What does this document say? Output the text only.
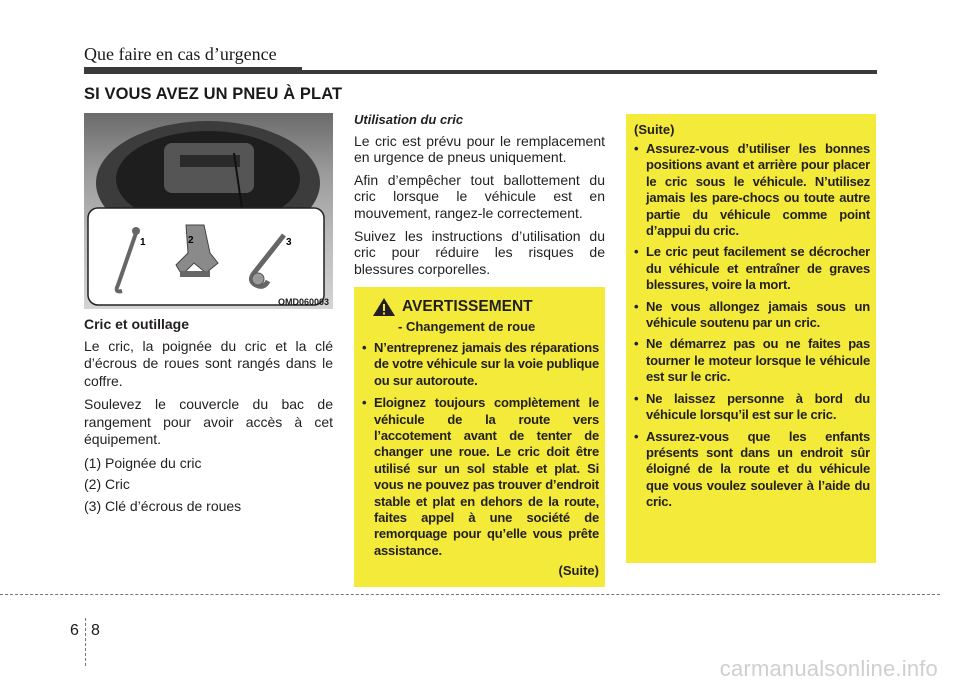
Que faire en cas d’urgence
SI VOUS AVEZ UN PNEU À PLAT
1	2	3
OMD060003

Cric et outillage

Le cric, la poignée du cric et la clé d’écrous de roues sont rangés dans le coffre.

Soulevez le couvercle du bac de rangement pour avoir accès à cet équipement.

(1) Poignée du cric

(2) Cric

(3) Clé d’écrous de roues

Utilisation du cric

Le cric est prévu pour le remplacement en urgence de pneus uniquement.

Afin d’empêcher tout ballottement du cric lorsque le véhicule est en mouvement, rangez-le correctement.

Suivez les instructions d’utilisation du cric pour réduire les risques de blessures corporelles.

AVERTISSEMENT
- Changement de roue
• N’entreprenez jamais des réparations de votre véhicule sur la voie publique ou sur autoroute.
• Eloignez toujours complètement le véhicule de la route vers l’accotement avant de tenter de changer une roue. Le cric doit être utilisé sur un sol stable et plat. Si vous ne pouvez pas trouver d’endroit stable et plat en dehors de la route, faites appel à une société de remorquage pour qu’elle vous prête assistance.
(Suite)
(Suite)
• Assurez-vous d’utiliser les bonnes positions avant et arrière pour placer le cric sous le véhicule. N’utilisez jamais les pare-chocs ou toute autre partie du véhicule comme point d’appui du cric.
• Le cric peut facilement se décrocher du véhicule et entraîner de graves blessures, voire la mort.
• Ne vous allongez jamais sous un véhicule soutenu par un cric.
• Ne démarrez pas ou ne faites pas tourner le moteur lorsque le véhicule est sur le cric.
• Ne laissez personne à bord du véhicule lorsqu’il est sur le cric.
• Assurez-vous que les enfants présents sont dans un endroit sûr éloigné de la route et du véhicule que vous voulez soulever à l’aide du cric.
6 8
carmanualsonline.info
